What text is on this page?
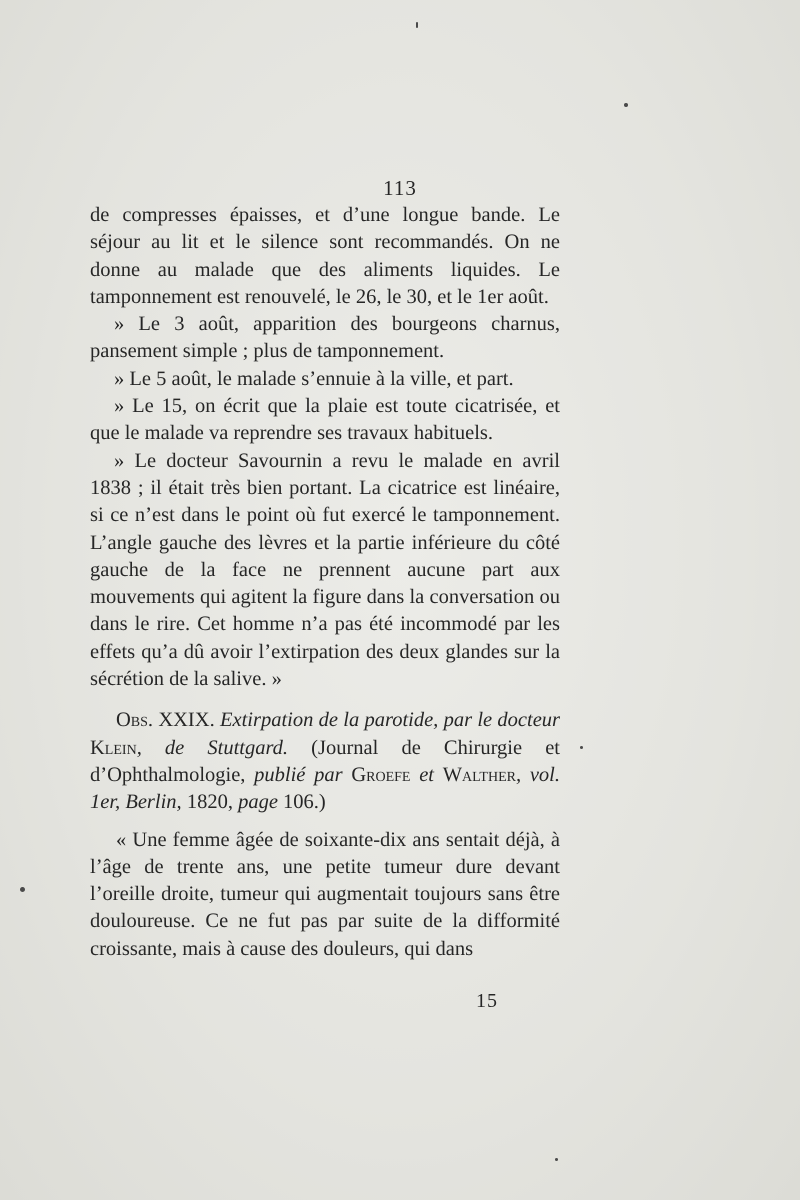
113

de compresses épaisses, et d’une longue bande. Le séjour au lit et le silence sont recommandés. On ne donne au malade que des aliments liquides. Le tamponnement est renouvelé, le 26, le 30, et le 1er août.

» Le 3 août, apparition des bourgeons charnus, pansement simple ; plus de tamponnement.

» Le 5 août, le malade s’ennuie à la ville, et part.

» Le 15, on écrit que la plaie est toute cicatrisée, et que le malade va reprendre ses travaux habituels.

» Le docteur Savournin a revu le malade en avril 1838 ; il était très bien portant. La cicatrice est linéaire, si ce n’est dans le point où fut exercé le tamponnement. L’angle gauche des lèvres et la partie inférieure du côté gauche de la face ne prennent aucune part aux mouvements qui agitent la figure dans la conversation ou dans le rire. Cet homme n’a pas été incommodé par les effets qu’a dû avoir l’extirpation des deux glandes sur la sécrétion de la salive. »

Obs. XXIX. Extirpation de la parotide, par le docteur Klein, de Stuttgard. (Journal de Chirurgie et d’Ophthalmologie, publié par Groefe et Walther, vol. 1er, Berlin, 1820, page 106.)

« Une femme âgée de soixante-dix ans sentait déjà, à l’âge de trente ans, une petite tumeur dure devant l’oreille droite, tumeur qui augmentait toujours sans être douloureuse. Ce ne fut pas par suite de la difformité croissante, mais à cause des douleurs, qui dans

15
